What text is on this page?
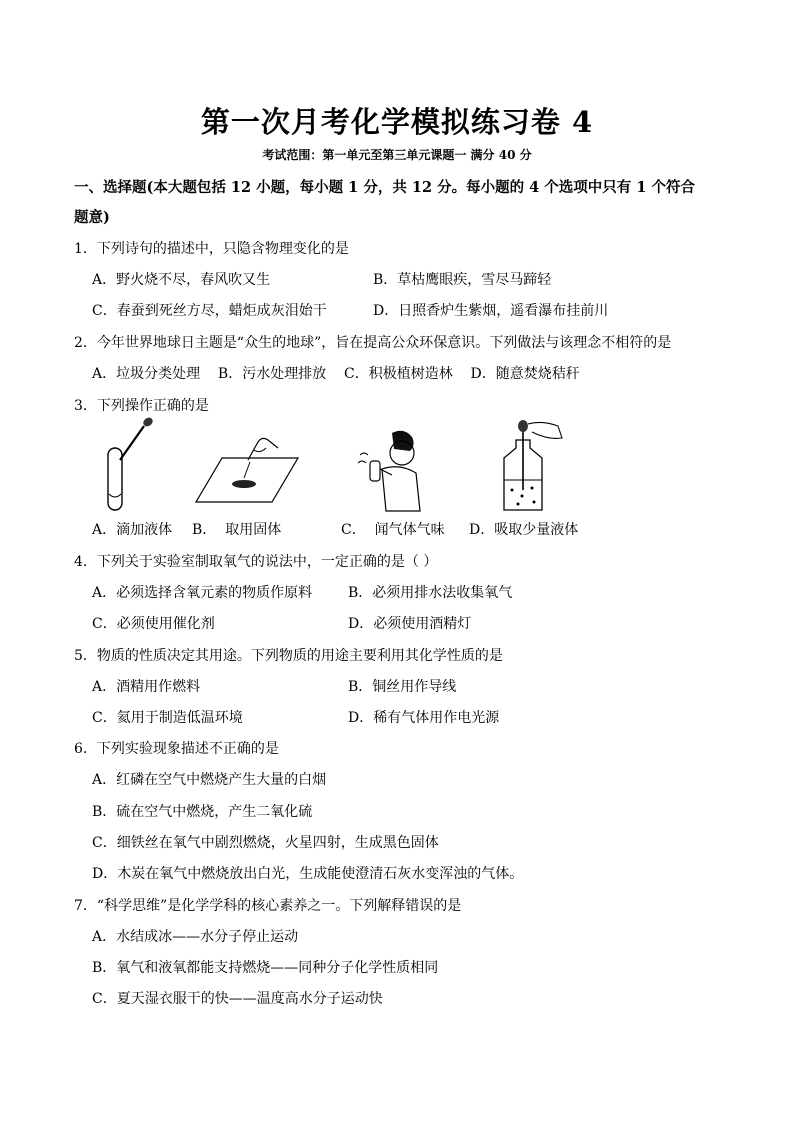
第一次月考化学模拟练习卷 4
考试范围：第一单元至第三单元课题一 满分 40 分
一、选择题(本大题包括 12 小题，每小题 1 分，共 12 分。每小题的 4 个选项中只有 1 个符合
题意)
1．下列诗句的描述中，只隐含物理变化的是
A．野火烧不尽，春风吹又生	B．草枯鹰眼疾，雪尽马蹄轻
C．春蚕到死丝方尽，蜡炬成灰泪始干	D．日照香炉生紫烟，遥看瀑布挂前川
2．今年世界地球日主题是“众生的地球”，旨在提高公众环保意识。下列做法与该理念不相符的是
A．垃圾分类处理    B．污水处理排放    C．积极植树造林    D．随意焚烧秸秆
3．下列操作正确的是
A．滴加液体 B．  取用固体	C．  闻气体气味 D．吸取少量液体
4．下列关于实验室制取氧气的说法中，一定正确的是（ ）
A．必须选择含氧元素的物质作原料	B．必须用排水法收集氧气
C．必须使用催化剂	D．必须使用酒精灯
5．物质的性质决定其用途。下列物质的用途主要利用其化学性质的是
A．酒精用作燃料	B．铜丝用作导线
C．氦用于制造低温环境	D．稀有气体用作电光源
6．下列实验现象描述不正确的是
A．红磷在空气中燃烧产生大量的白烟
B．硫在空气中燃烧，产生二氧化硫
C．细铁丝在氧气中剧烈燃烧，火星四射，生成黑色固体
D．木炭在氧气中燃烧放出白光，生成能使澄清石灰水变浑浊的气体。
7．“科学思维”是化学学科的核心素养之一。下列解释错误的是
A．水结成冰——水分子停止运动
B．氧气和液氧都能支持燃烧——同种分子化学性质相同
C．夏天湿衣服干的快——温度高水分子运动快
